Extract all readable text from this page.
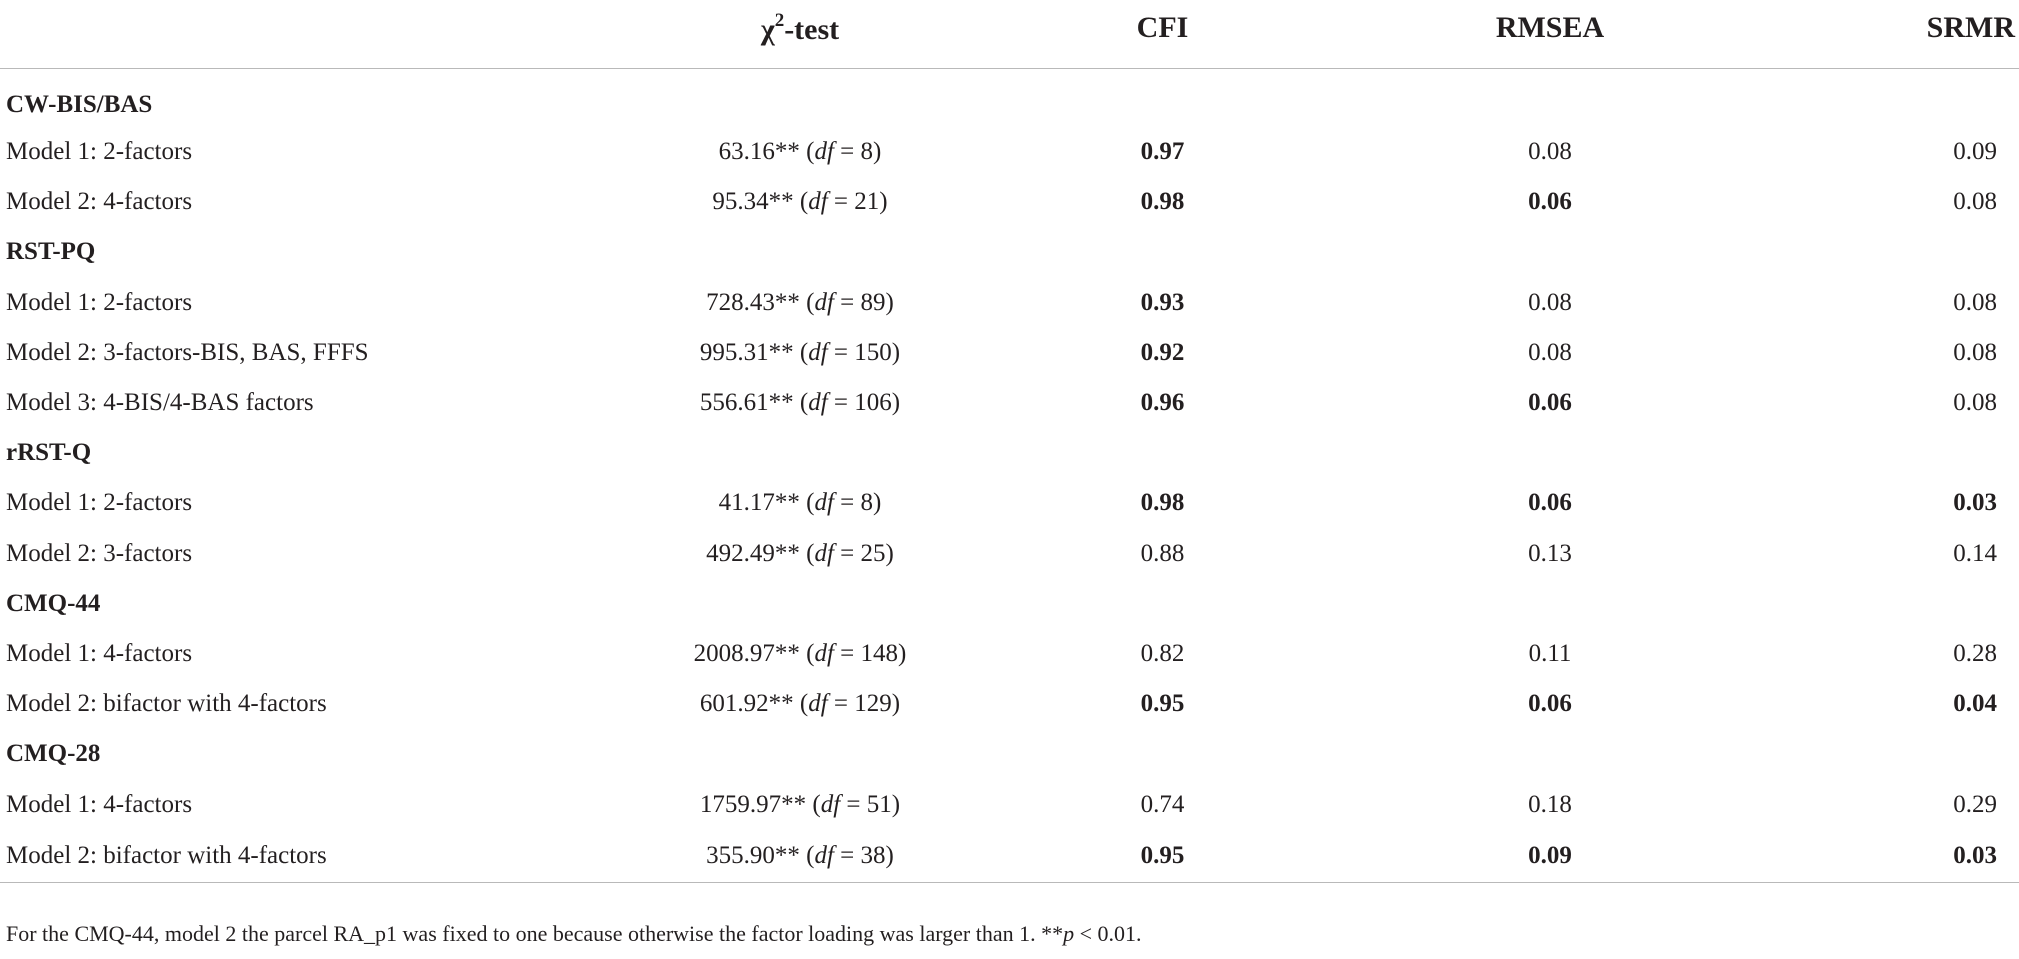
	$\chi^2$-test	CFI	RMSEA	SRMR
CW-BIS/BAS				
Model 1: 2-factors	63.16** (df = 8)	0.97	0.08	0.09
Model 2: 4-factors	95.34** (df = 21)	0.98	0.06	0.08
RST-PQ				
Model 1: 2-factors	728.43** (df = 89)	0.93	0.08	0.08
Model 2: 3-factors-BIS, BAS, FFFS	995.31** (df = 150)	0.92	0.08	0.08
Model 3: 4-BIS/4-BAS factors	556.61** (df = 106)	0.96	0.06	0.08
rRST-Q				
Model 1: 2-factors	41.17** (df = 8)	0.98	0.06	0.03
Model 2: 3-factors	492.49** (df = 25)	0.88	0.13	0.14
CMQ-44				
Model 1: 4-factors	2008.97** (df = 148)	0.82	0.11	0.28
Model 2: bifactor with 4-factors	601.92** (df = 129)	0.95	0.06	0.04
CMQ-28				
Model 1: 4-factors	1759.97** (df = 51)	0.74	0.18	0.29
Model 2: bifactor with 4-factors	355.90** (df = 38)	0.95	0.09	0.03
For the CMQ-44, model 2 the parcel RA_p1 was fixed to one because otherwise the factor loading was larger than 1. **p < 0.01.
